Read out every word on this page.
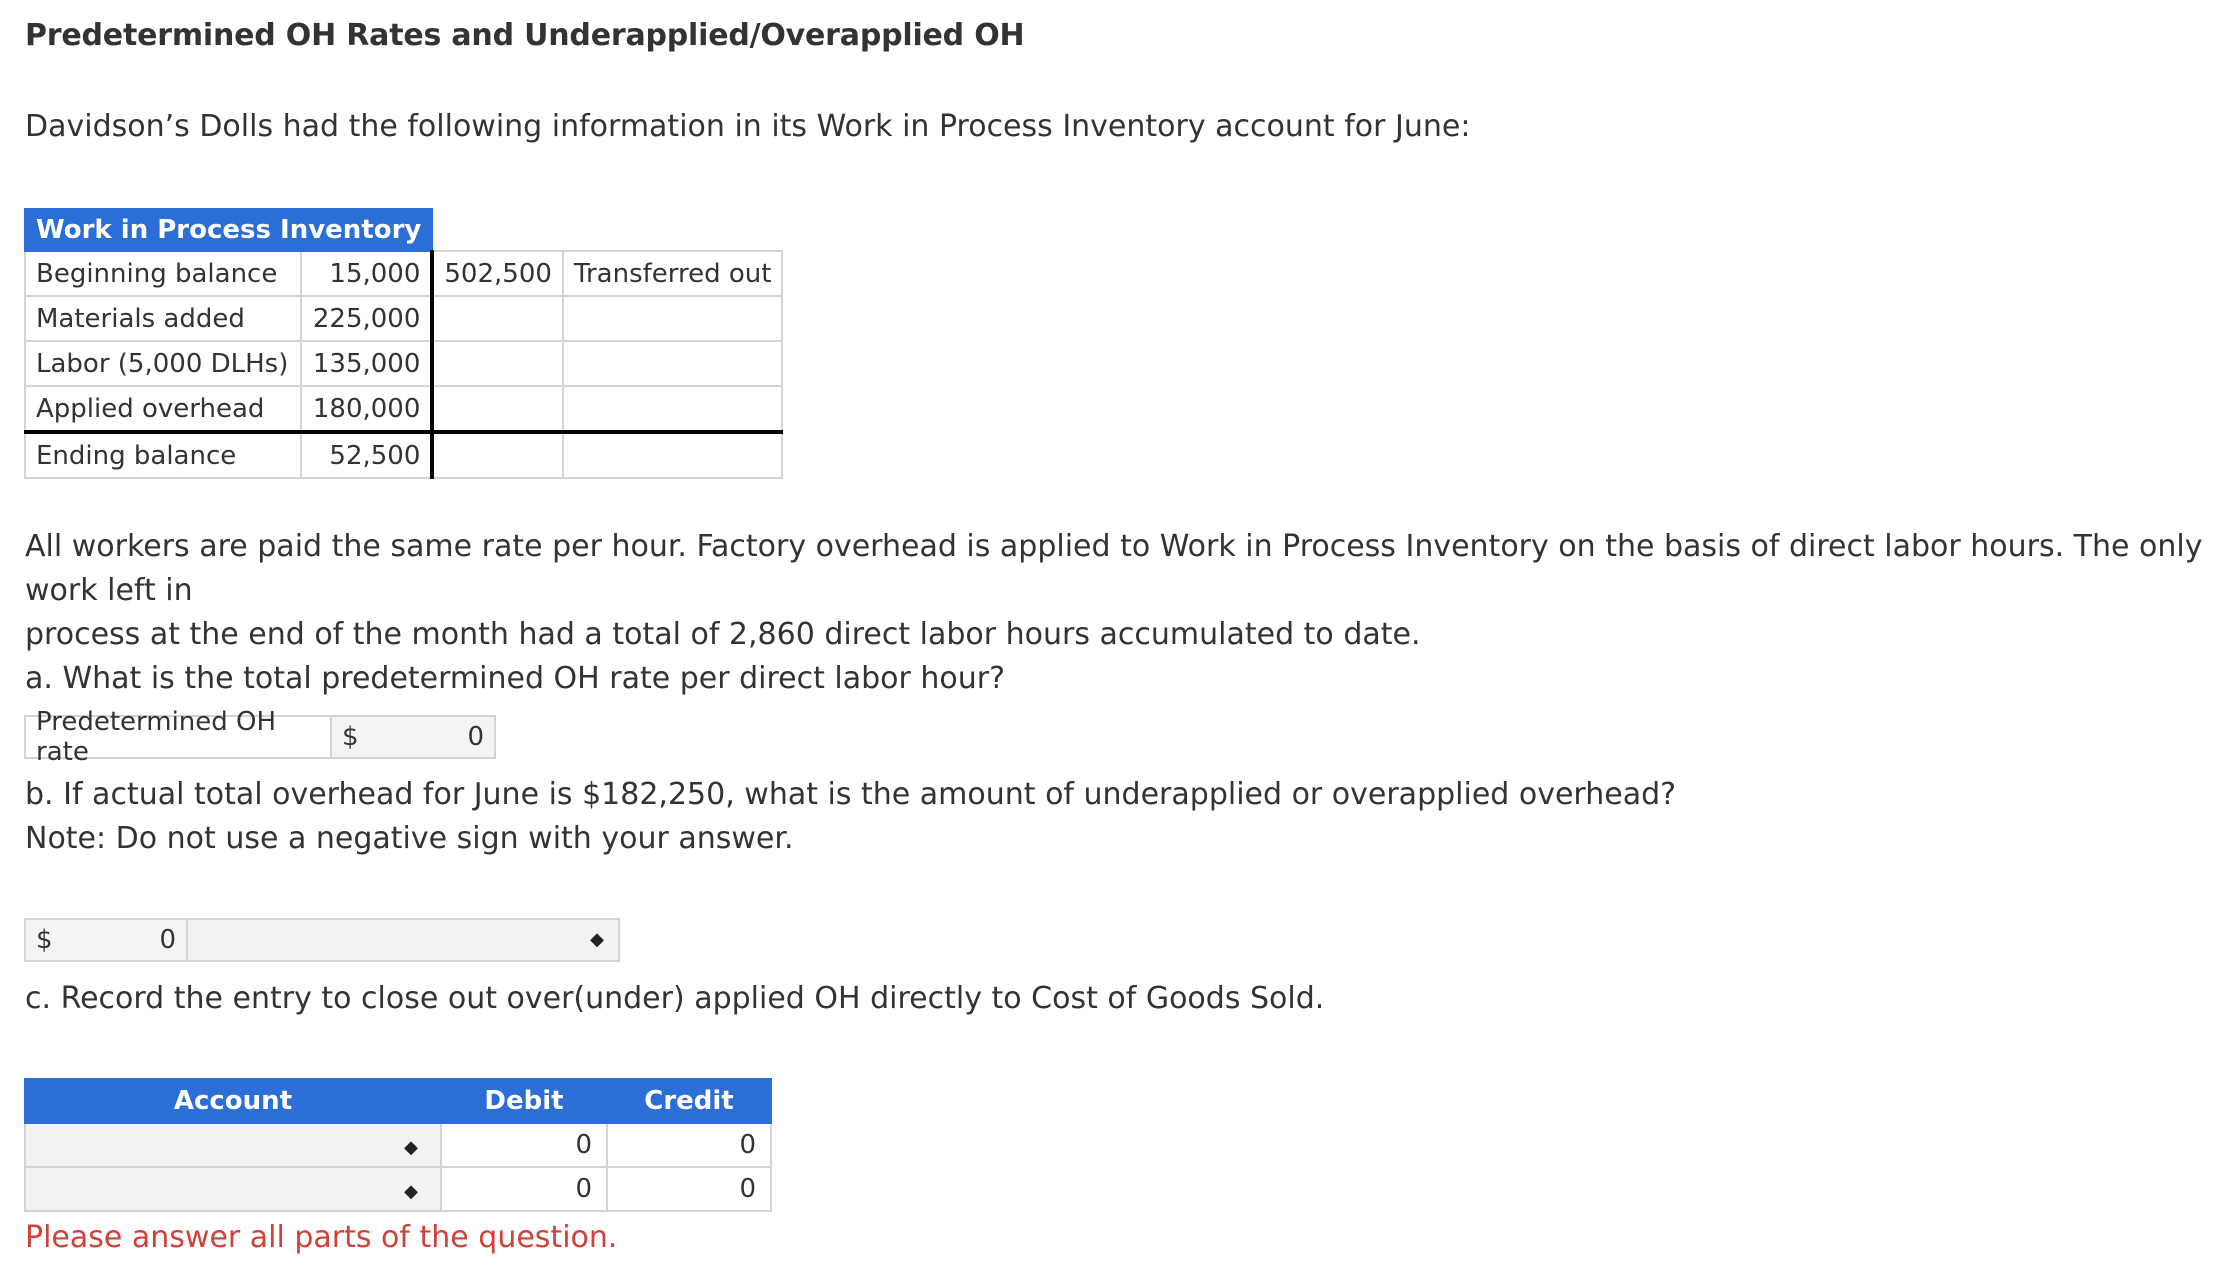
Predetermined OH Rates and Underapplied/Overapplied OH

Davidson’s Dolls had the following information in its Work in Process Inventory account for June:

Work in Process Inventory			
Beginning balance	15,000	502,500	Transferred out
Materials added	225,000		
Labor (5,000 DLHs)	135,000		
Applied overhead	180,000		
Ending balance	52,500		

All workers are paid the same rate per hour. Factory overhead is applied to Work in Process Inventory on the basis of direct labor hours. The only work left in
process at the end of the month had a total of 2,860 direct labor hours accumulated to date.
a. What is the total predetermined OH rate per direct labor hour?

Predetermined OH rate	$	0

b. If actual total overhead for June is $182,250, what is the amount of underapplied or overapplied overhead?
Note: Do not use a negative sign with your answer.

$	0	◆

c. Record the entry to close out over(under) applied OH directly to Cost of Goods Sold.

Account	Debit	Credit
◆	0	0
◆	0	0

Please answer all parts of the question.
